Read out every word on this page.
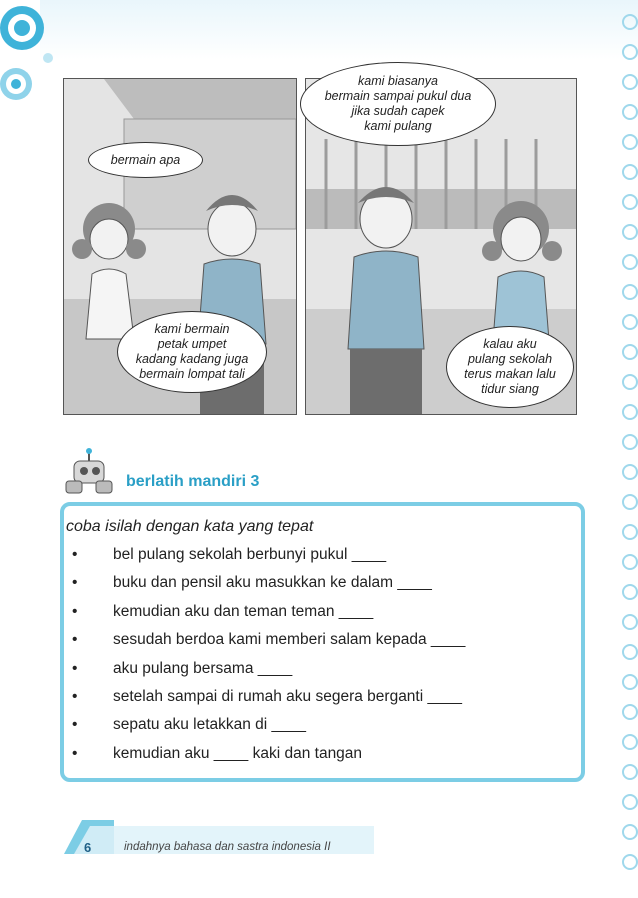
bermain apa
kami bermain
petak umpet
kadang kadang juga
bermain lompat tali
kami biasanya
bermain sampai pukul dua
jika sudah capek
kami pulang
kalau aku
pulang sekolah
terus makan lalu
tidur siang
berlatih mandiri 3
coba isilah dengan kata yang tepat
• bel pulang sekolah berbunyi pukul ____
• buku dan pensil aku masukkan ke dalam ____
• kemudian aku dan teman teman ____
• sesudah berdoa kami memberi salam kepada ____
• aku pulang bersama ____
• setelah sampai di rumah aku segera berganti ____
• sepatu aku letakkan di ____
• kemudian aku ____ kaki dan tangan
6	indahnya bahasa dan sastra indonesia II
